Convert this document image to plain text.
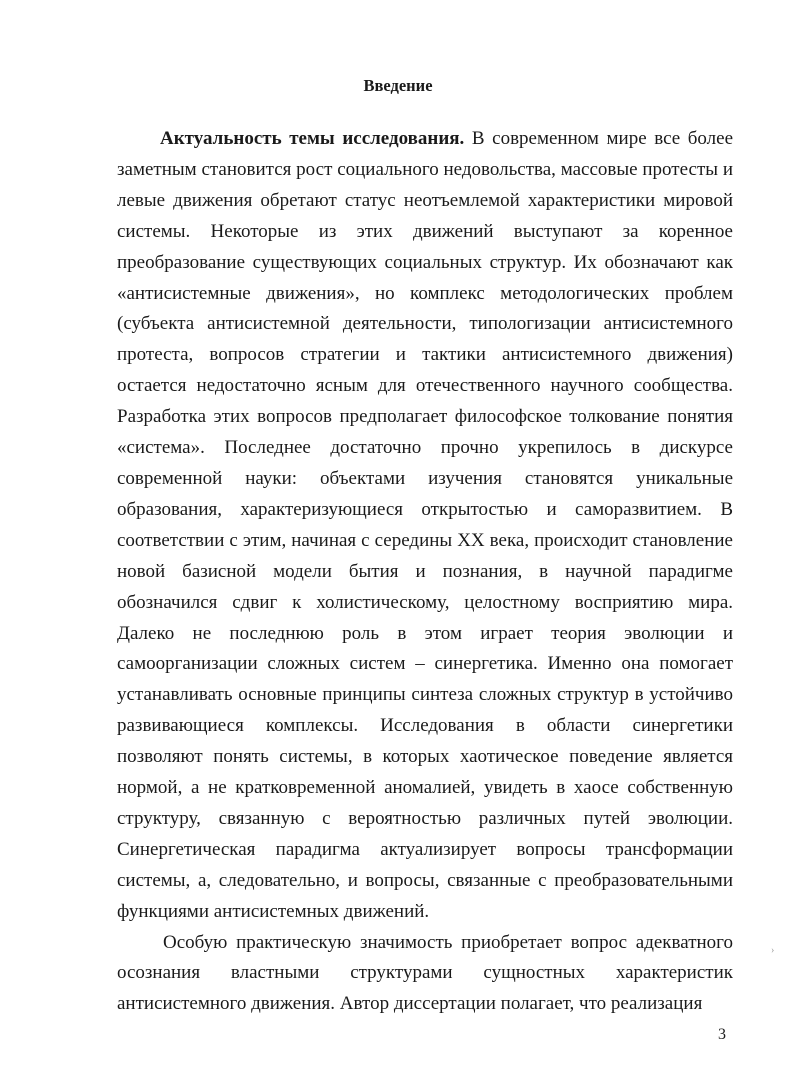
Введение

Актуальность темы исследования. В современном мире все более заметным становится рост социального недовольства, массовые протесты и левые движения обретают статус неотъемлемой характеристики мировой системы. Некоторые из этих движений выступают за коренное преобразование существующих социальных структур. Их обозначают как «антисистемные движения», но комплекс методологических проблем (субъекта антисистемной деятельности, типологизации антисистемного протеста, вопросов стратегии и тактики антисистемного движения) остается недостаточно ясным для отечественного научного сообщества. Разработка этих вопросов предполагает философское толкование понятия «система». Последнее достаточно прочно укрепилось в дискурсе современной науки: объектами изучения становятся уникальные образования, характеризующиеся открытостью и саморазвитием. В соответствии с этим, начиная с середины XX века, происходит становление новой базисной модели бытия и познания, в научной парадигме обозначился сдвиг к холистическому, целостному восприятию мира. Далеко не последнюю роль в этом играет теория эволюции и самоорганизации сложных систем – синергетика. Именно она помогает устанавливать основные принципы синтеза сложных структур в устойчиво развивающиеся комплексы. Исследования в области синергетики позволяют понять системы, в которых хаотическое поведение является нормой, а не кратковременной аномалией, увидеть в хаосе собственную структуру, связанную с вероятностью различных путей эволюции. Синергетическая парадигма актуализирует вопросы трансформации системы, а, следовательно, и вопросы, связанные с преобразовательными функциями антисистемных движений.

Особую практическую значимость приобретает вопрос адекватного осознания властными структурами сущностных характеристик антисистемного движения. Автор диссертации полагает, что реализация

›
3
